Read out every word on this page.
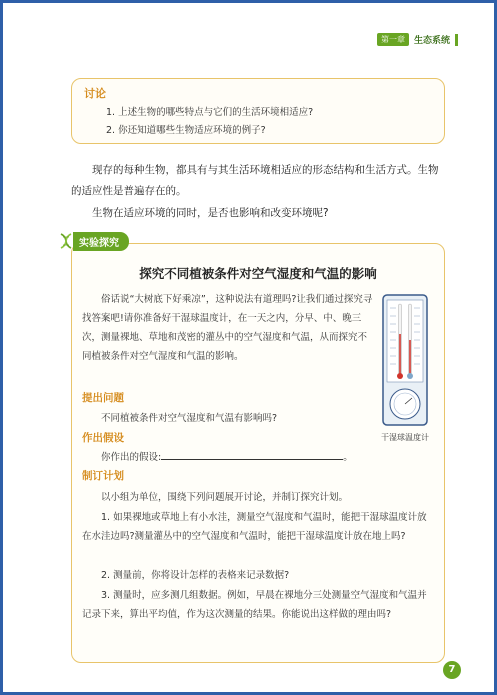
第一章	生态系统
讨论
1. 上述生物的哪些特点与它们的生活环境相适应?
2. 你还知道哪些生物适应环境的例子?
现存的每种生物，都具有与其生活环境相适应的形态结构和生活方式。生物的适应性是普遍存在的。
生物在适应环境的同时，是否也影响和改变环境呢?
探究不同植被条件对空气湿度和气温的影响
俗话说“大树底下好乘凉”，这种说法有道理吗?让我们通过探究寻找答案吧!请你准备好干湿球温度计，在一天之内，分早、中、晚三次，测量裸地、草地和茂密的灌丛中的空气湿度和气温，从而探究不同植被条件对空气湿度和气温的影响。
干湿球温度计
提出问题
不同植被条件对空气湿度和气温有影响吗?
作出假设
你作出的假设:	。
制订计划
以小组为单位，围绕下列问题展开讨论，并制订探究计划。
1. 如果裸地或草地上有小水洼，测量空气湿度和气温时，能把干湿球温度计放在水洼边吗?测量灌丛中的空气湿度和气温时，能把干湿球温度计放在地上吗?
2. 测量前，你将设计怎样的表格来记录数据?
3. 测量时，应多测几组数据。例如，早晨在裸地分三处测量空气湿度和气温并记录下来，算出平均值，作为这次测量的结果。你能说出这样做的理由吗?
实验探究
7
